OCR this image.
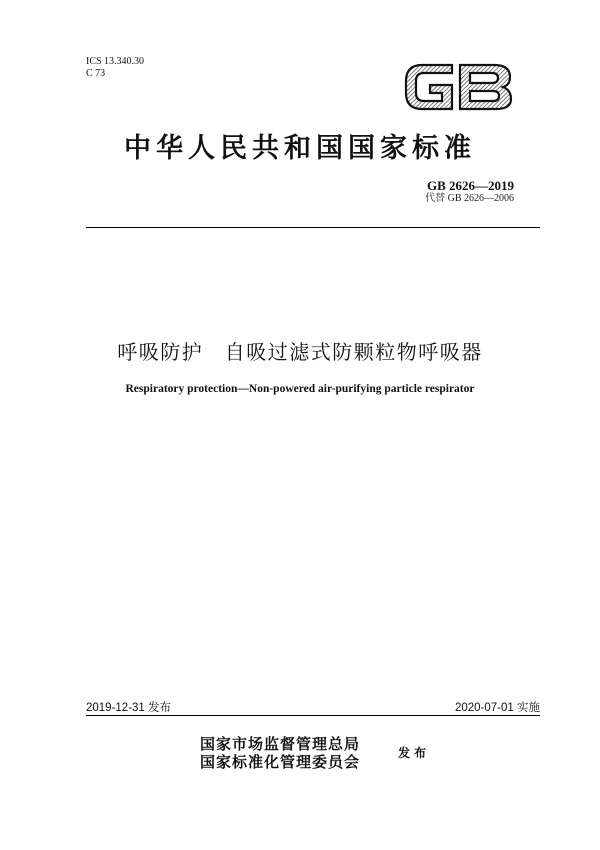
ICS 13.340.30
C 73
中华人民共和国国家标准
GB 2626—2019
代替 GB 2626—2006
呼吸防护　自吸过滤式防颗粒物呼吸器
Respiratory protection—Non-powered air-purifying particle respirator
2019-12-31 发布	2020-07-01 实施
国家市场监督管理总局
国家标准化管理委员会	发布
